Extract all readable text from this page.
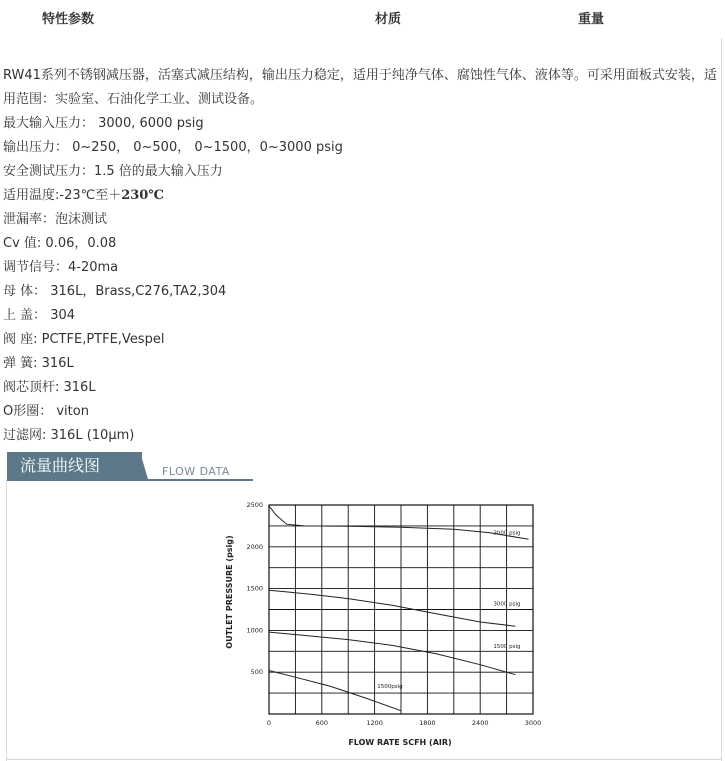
特性参数	材质	重量

RW41系列不锈钢减压器，活塞式减压结构，输出压力稳定，适用于纯净气体、腐蚀性气体、液体等。可采用面板式安装，适用范围：实验室、石油化学工业、测试设备。

最大输入压力： 3000, 6000 psig

输出压力： 0~250， 0~500， 0~1500，0~3000 psig

安全测试压力：1.5 倍的最大输入压力

适用温度:-23℃至＋230℃

泄漏率：泡沫测试

Cv 值: 0.06，0.08

调节信号：4-20ma

母 体： 316L，Brass,C276,TA2,304

上 盖： 304

阀 座: PCTFE,PTFE,Vespel

弹 簧: 316L

阀芯顶杆: 316L

O形圈： viton

过滤网: 316L (10μm)

流量曲线图	FLOW DATA
0	600	1200	1800	2400	3000
500
1000
1500
2000
2500
3000 psig
3000 psig
1500 psig
1500psig
FLOW RATE SCFH (AIR)
OUTLET PRESSURE (psig)
